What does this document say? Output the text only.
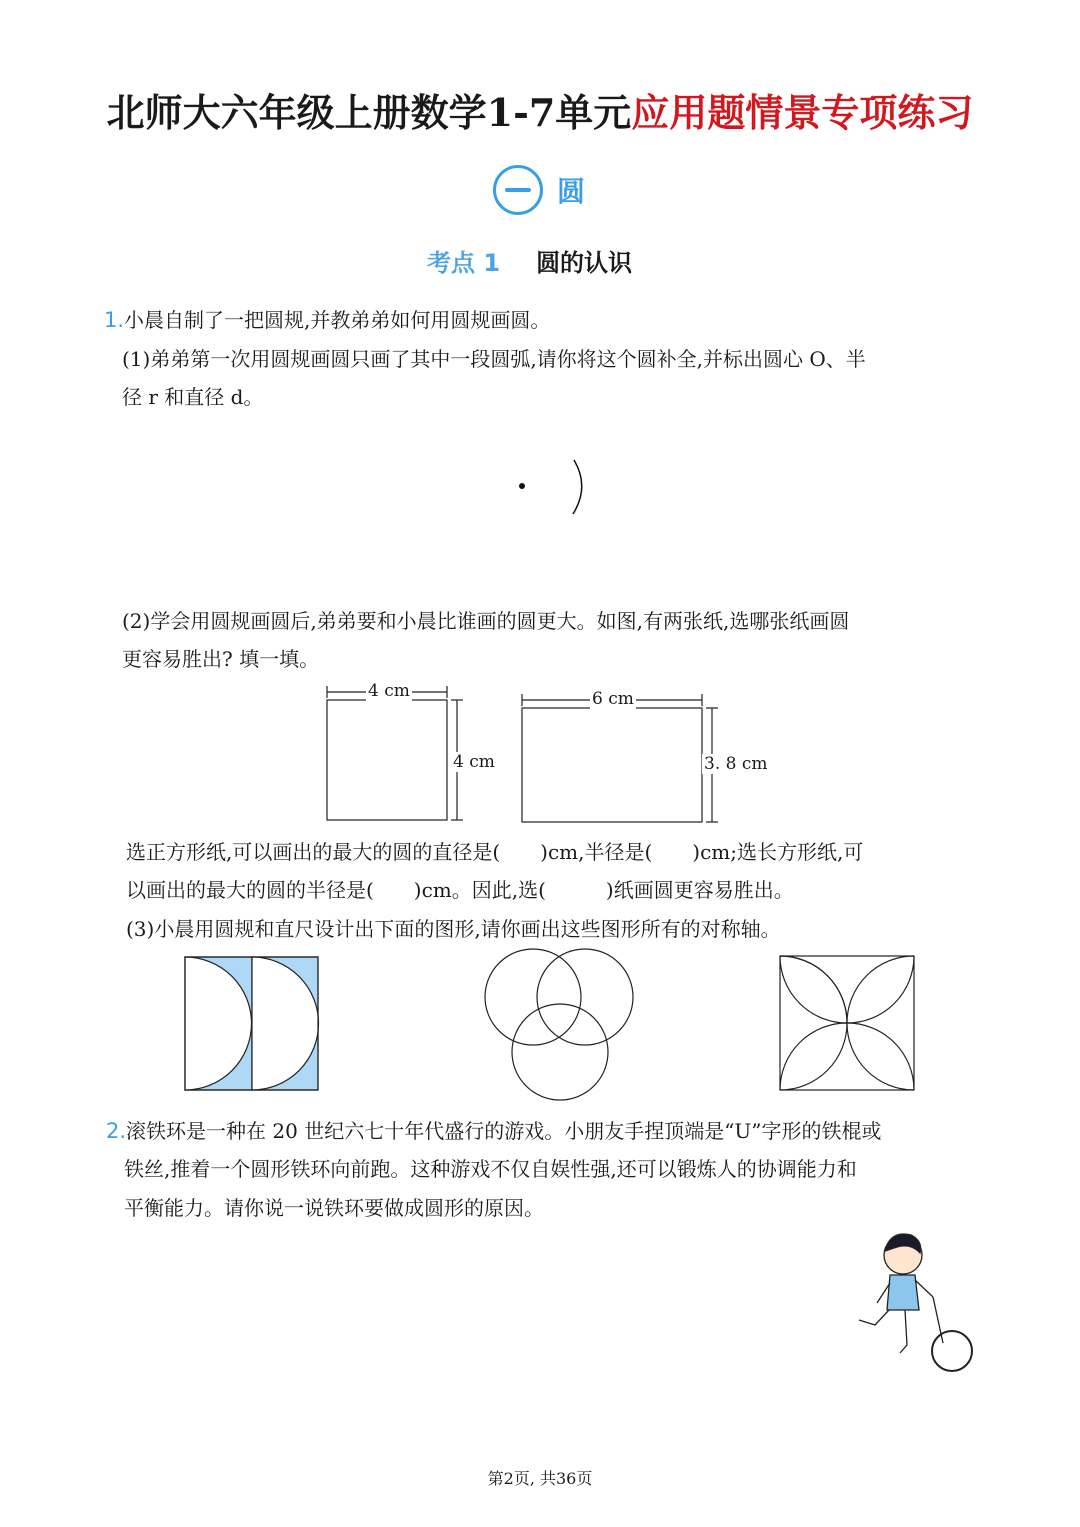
北师大六年级上册数学1-7单元应用题情景专项练习
圆
考点 1 圆的认识
1.小晨自制了一把圆规,并教弟弟如何用圆规画圆。
(1)弟弟第一次用圆规画圆只画了其中一段圆弧,请你将这个圆补全,并标出圆心 O、半
径 r 和直径 d。
(2)学会用圆规画圆后,弟弟要和小晨比谁画的圆更大。如图,有两张纸,选哪张纸画圆
更容易胜出? 填一填。
4 cm
4 cm
6 cm
3. 8 cm
选正方形纸,可以画出的最大的圆的直径是(　　)cm,半径是(　　)cm;选长方形纸,可
以画出的最大的圆的半径是(　　)cm。因此,选(　　　)纸画圆更容易胜出。
(3)小晨用圆规和直尺设计出下面的图形,请你画出这些图形所有的对称轴。
2.滚铁环是一种在 20 世纪六七十年代盛行的游戏。小朋友手捏顶端是“U”字形的铁棍或
铁丝,推着一个圆形铁环向前跑。这种游戏不仅自娱性强,还可以锻炼人的协调能力和
平衡能力。请你说一说铁环要做成圆形的原因。
第2页, 共36页
